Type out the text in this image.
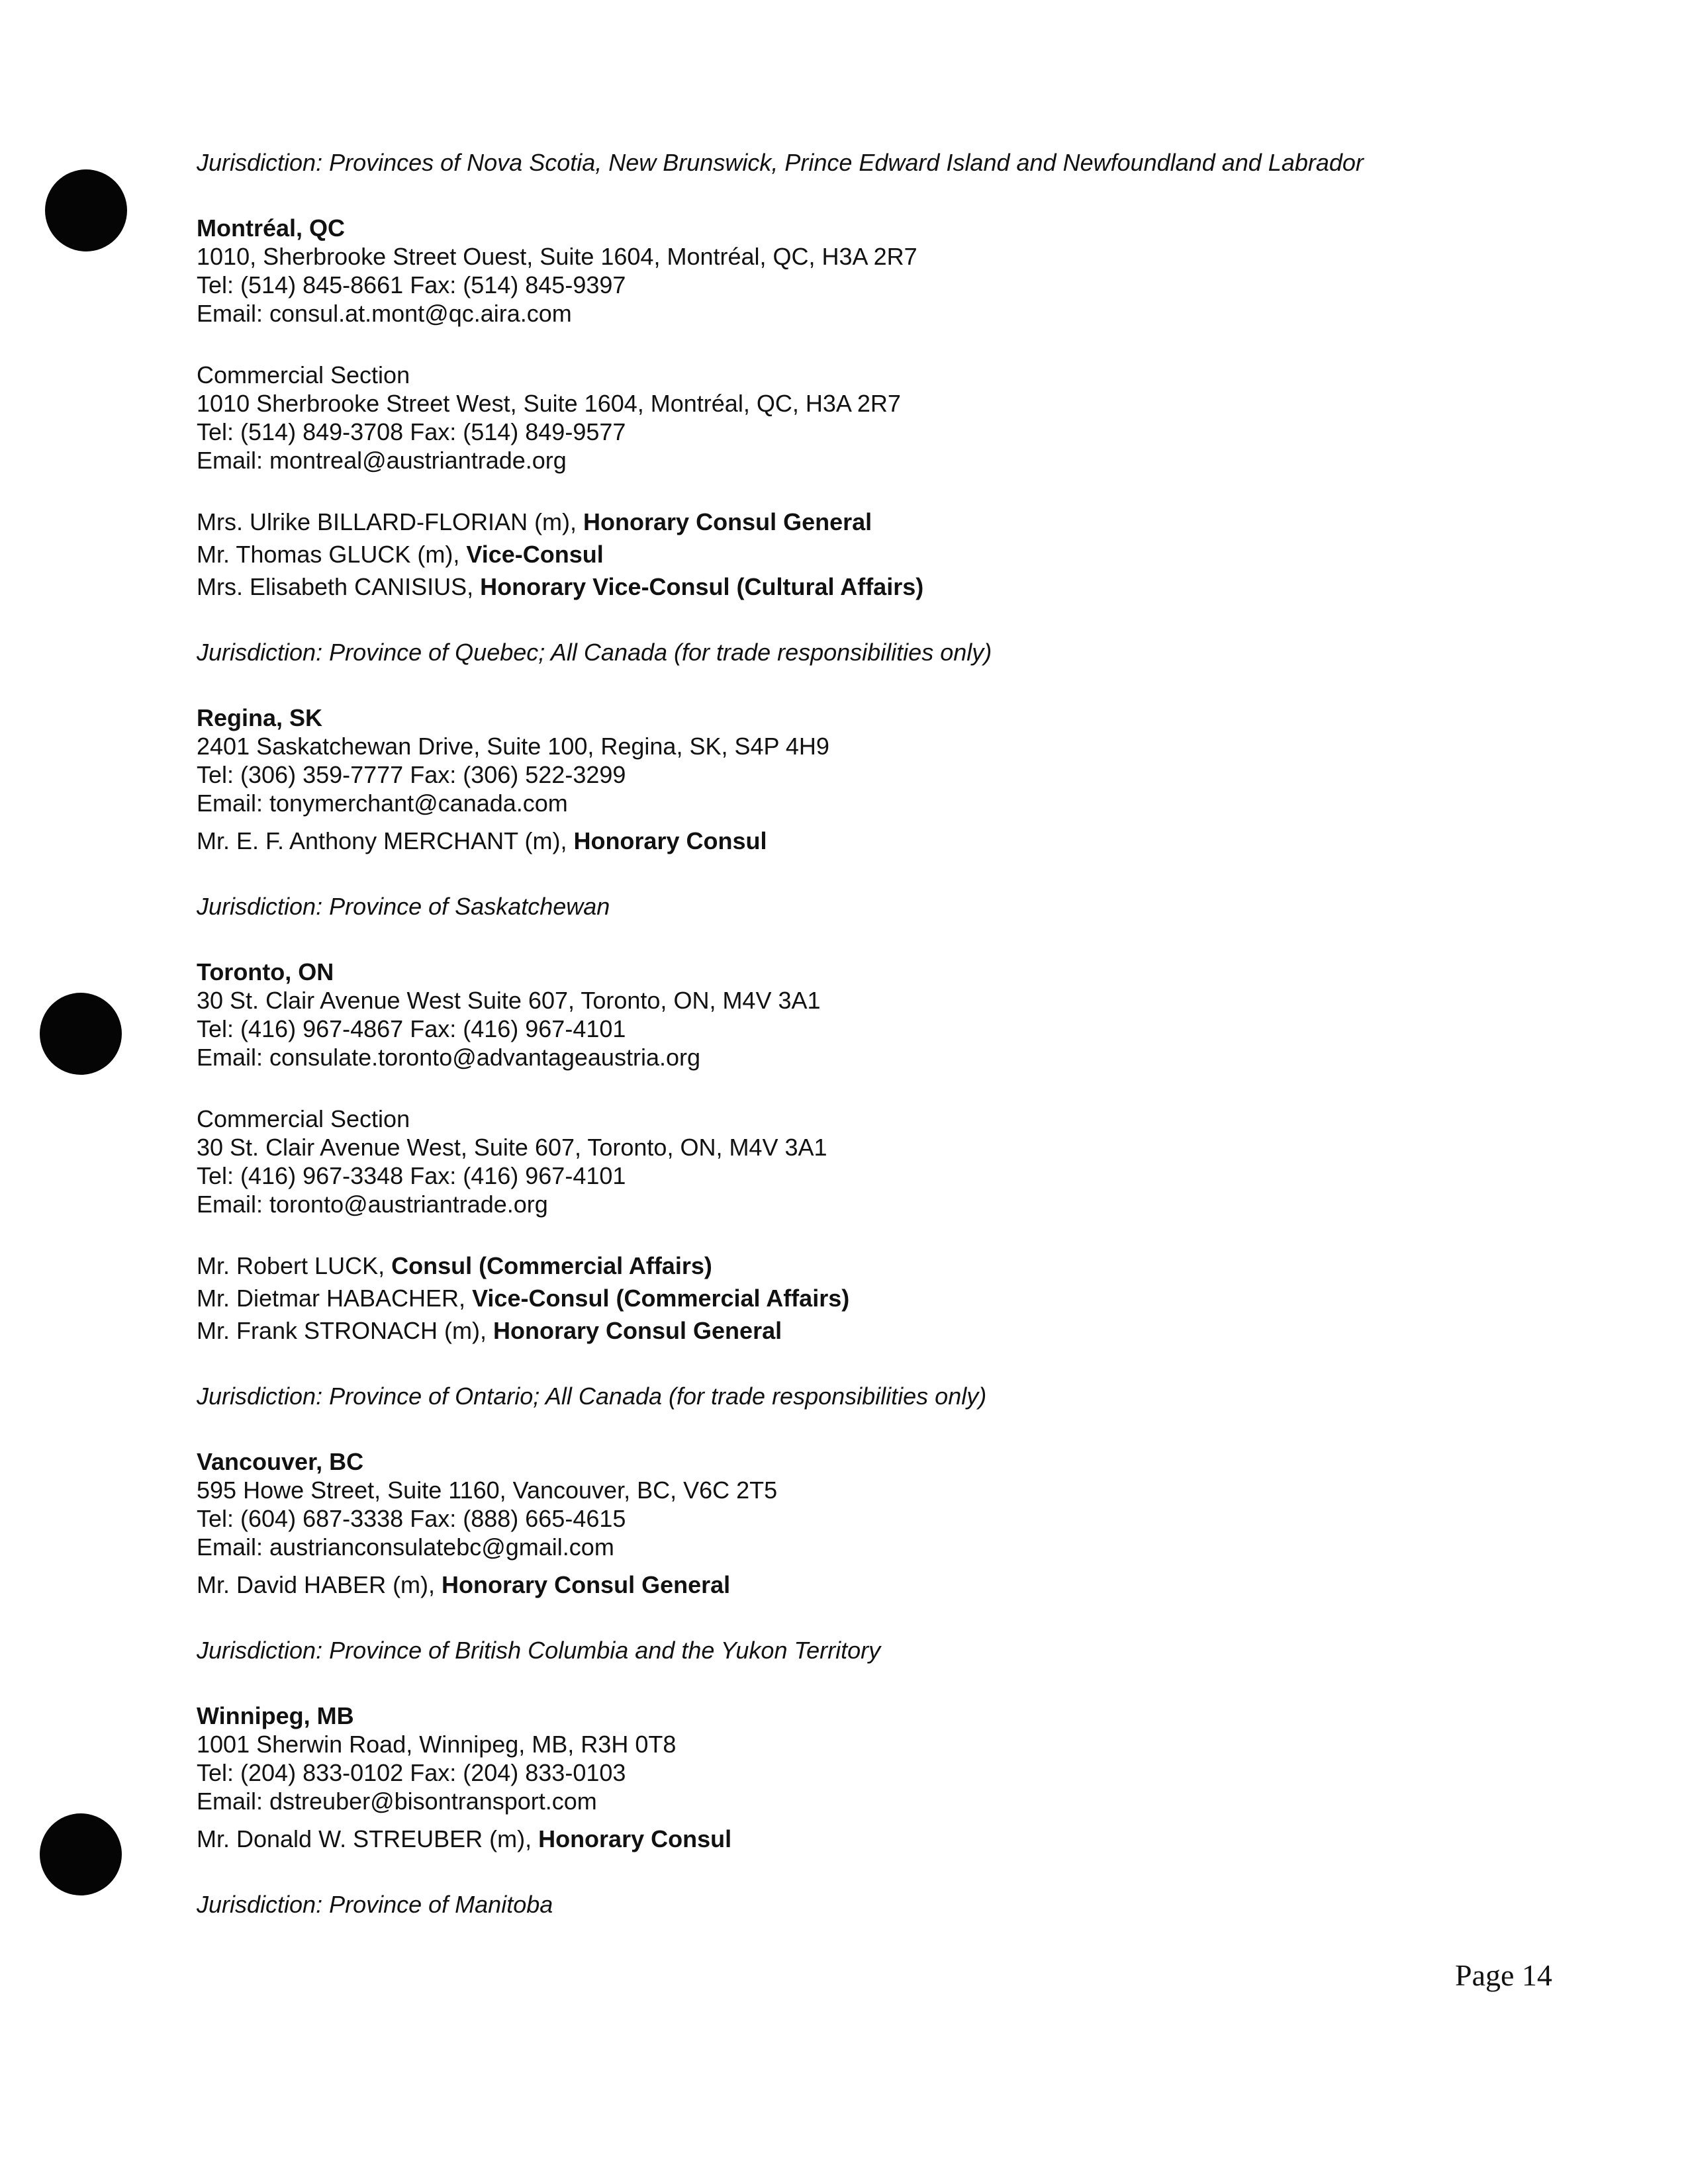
Jurisdiction: Provinces of Nova Scotia, New Brunswick, Prince Edward Island and Newfoundland and Labrador
Montréal, QC
1010, Sherbrooke Street Ouest, Suite 1604, Montréal, QC, H3A 2R7
Tel: (514) 845-8661 Fax: (514) 845-9397
Email: consul.at.mont@qc.aira.com
Commercial Section
1010 Sherbrooke Street West, Suite 1604, Montréal, QC, H3A 2R7
Tel: (514) 849-3708 Fax: (514) 849-9577
Email: montreal@austriantrade.org
Mrs. Ulrike BILLARD-FLORIAN (m), Honorary Consul General
Mr. Thomas GLUCK (m), Vice-Consul
Mrs. Elisabeth CANISIUS, Honorary Vice-Consul (Cultural Affairs)
Jurisdiction: Province of Quebec; All Canada (for trade responsibilities only)
Regina, SK
2401 Saskatchewan Drive, Suite 100, Regina, SK, S4P 4H9
Tel: (306) 359-7777 Fax: (306) 522-3299
Email: tonymerchant@canada.com
Mr. E. F. Anthony MERCHANT (m), Honorary Consul
Jurisdiction: Province of Saskatchewan
Toronto, ON
30 St. Clair Avenue West Suite 607, Toronto, ON, M4V 3A1
Tel: (416) 967-4867 Fax: (416) 967-4101
Email: consulate.toronto@advantageaustria.org
Commercial Section
30 St. Clair Avenue West, Suite 607, Toronto, ON, M4V 3A1
Tel: (416) 967-3348 Fax: (416) 967-4101
Email: toronto@austriantrade.org
Mr. Robert LUCK, Consul (Commercial Affairs)
Mr. Dietmar HABACHER, Vice-Consul (Commercial Affairs)
Mr. Frank STRONACH (m), Honorary Consul General
Jurisdiction: Province of Ontario; All Canada (for trade responsibilities only)
Vancouver, BC
595 Howe Street, Suite 1160, Vancouver, BC, V6C 2T5
Tel: (604) 687-3338 Fax: (888) 665-4615
Email: austrianconsulatebc@gmail.com
Mr. David HABER (m), Honorary Consul General
Jurisdiction: Province of British Columbia and the Yukon Territory
Winnipeg, MB
1001 Sherwin Road, Winnipeg, MB, R3H 0T8
Tel: (204) 833-0102 Fax: (204) 833-0103
Email: dstreuber@bisontransport.com
Mr. Donald W. STREUBER (m), Honorary Consul
Jurisdiction: Province of Manitoba
Page 14
